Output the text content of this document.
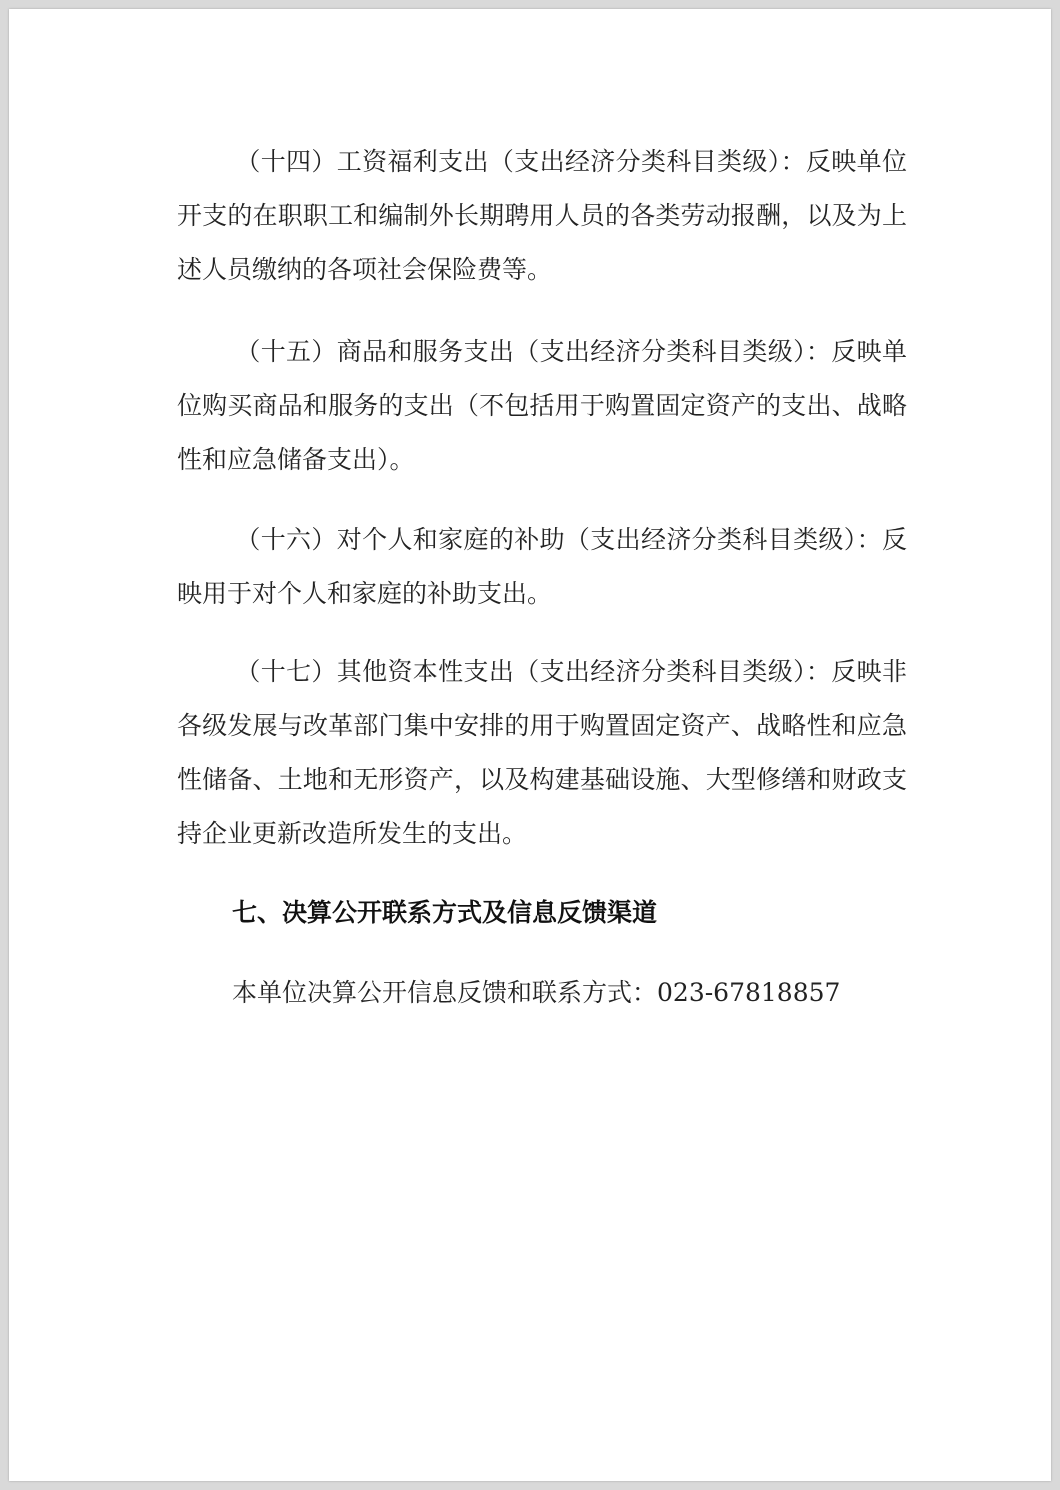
（十四）工资福利支出（支出经济分类科目类级）：反映单位开支的在职职工和编制外长期聘用人员的各类劳动报酬，以及为上述人员缴纳的各项社会保险费等。
（十五）商品和服务支出（支出经济分类科目类级）：反映单位购买商品和服务的支出（不包括用于购置固定资产的支出、战略性和应急储备支出）。
（十六）对个人和家庭的补助（支出经济分类科目类级）：反映用于对个人和家庭的补助支出。
（十七）其他资本性支出（支出经济分类科目类级）：反映非各级发展与改革部门集中安排的用于购置固定资产、战略性和应急性储备、土地和无形资产，以及构建基础设施、大型修缮和财政支持企业更新改造所发生的支出。
七、决算公开联系方式及信息反馈渠道
本单位决算公开信息反馈和联系方式：023-67818857
